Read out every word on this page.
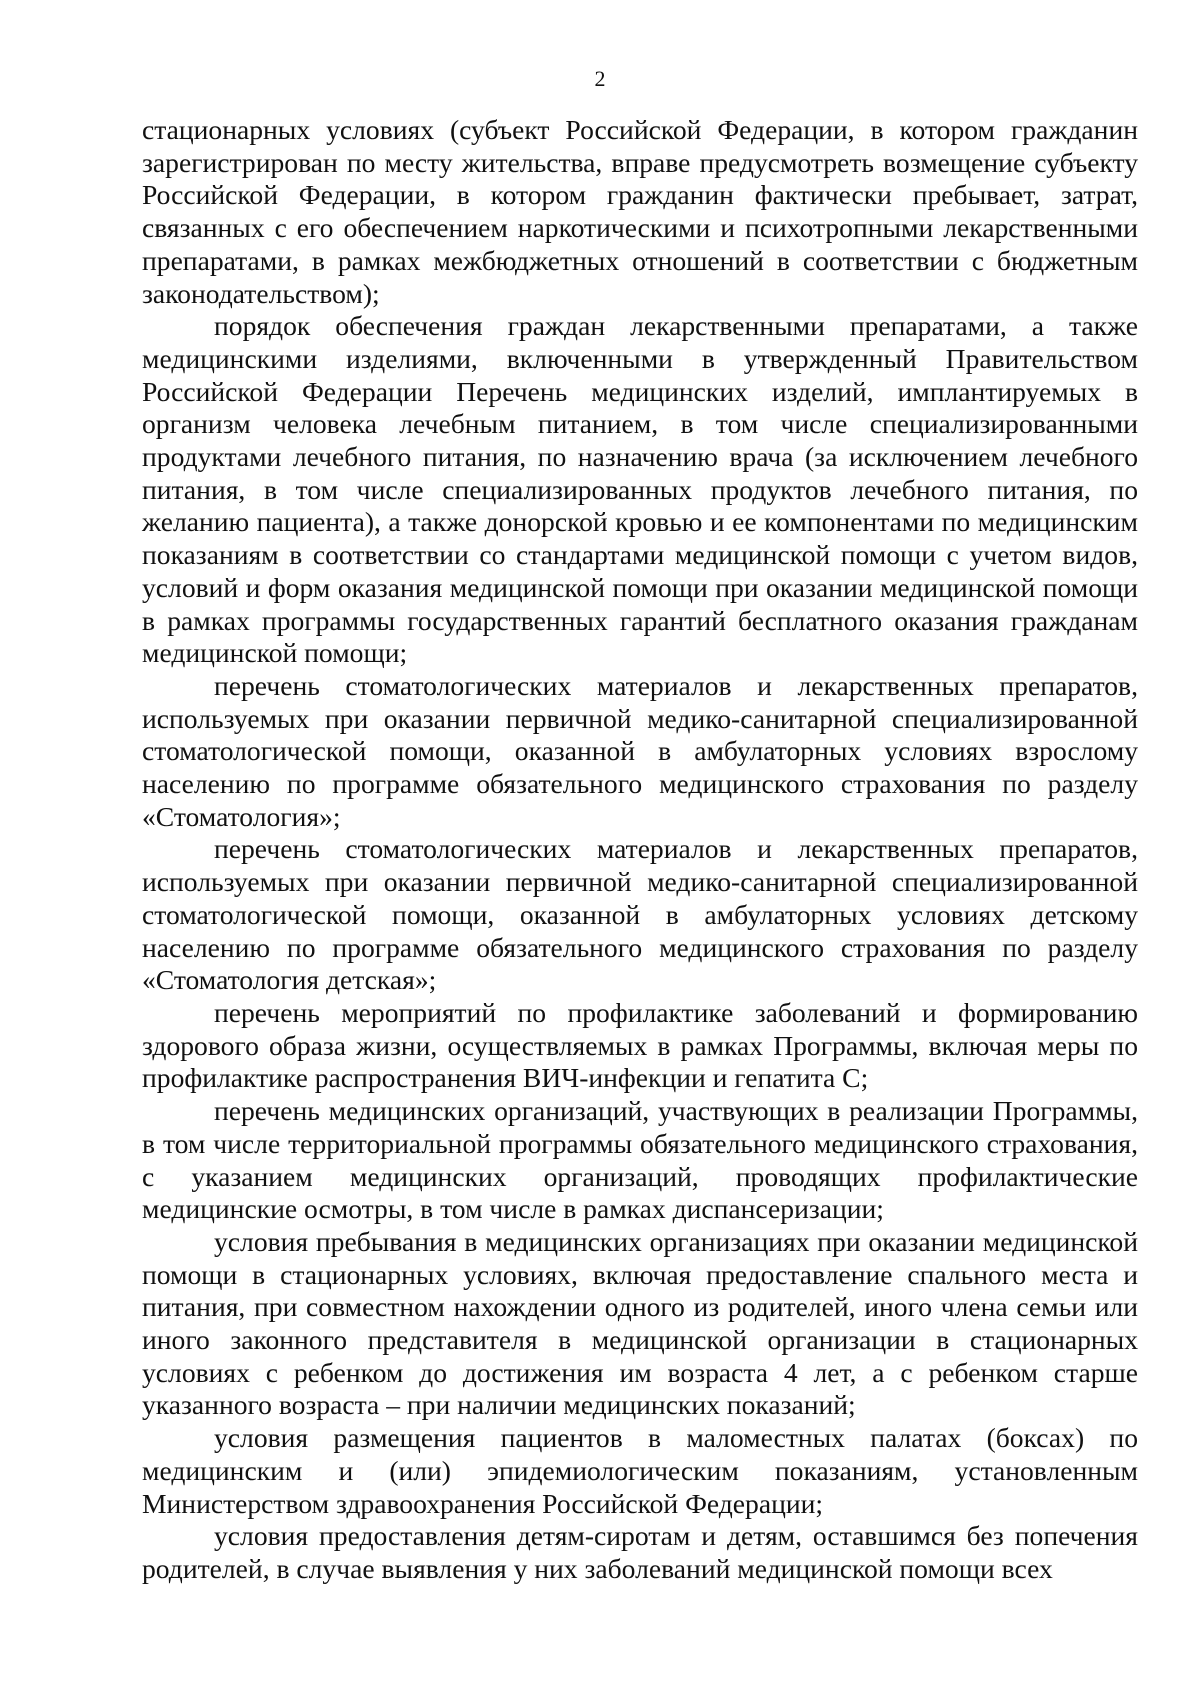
2

стационарных условиях (субъект Российской Федерации, в котором гражданин зарегистрирован по месту жительства, вправе предусмотреть возмещение субъекту Российской Федерации, в котором гражданин фактически пребывает, затрат, связанных с его обеспечением наркотическими и психотропными лекарственными препаратами, в рамках межбюджетных отношений в соответствии с бюджетным законодательством);

порядок обеспечения граждан лекарственными препаратами, а также медицинскими изделиями, включенными в утвержденный Правительством Российской Федерации Перечень медицинских изделий, имплантируемых в организм человека лечебным питанием, в том числе специализированными продуктами лечебного питания, по назначению врача (за исключением лечебного питания, в том числе специализированных продуктов лечебного питания, по желанию пациента), а также донорской кровью и ее компонентами по медицинским показаниям в соответствии со стандартами медицинской помощи с учетом видов, условий и форм оказания медицинской помощи при оказании медицинской помощи в рамках программы государственных гарантий бесплатного оказания гражданам медицинской помощи;

перечень стоматологических материалов и лекарственных препаратов, используемых при оказании первичной медико-санитарной специализированной стоматологической помощи, оказанной в амбулаторных условиях взрослому населению по программе обязательного медицинского страхования по разделу «Стоматология»;

перечень стоматологических материалов и лекарственных препаратов, используемых при оказании первичной медико-санитарной специализированной стоматологической помощи, оказанной в амбулаторных условиях детскому населению по программе обязательного медицинского страхования по разделу «Стоматология детская»;

перечень мероприятий по профилактике заболеваний и формированию здорового образа жизни, осуществляемых в рамках Программы, включая меры по профилактике распространения ВИЧ-инфекции и гепатита С;

перечень медицинских организаций, участвующих в реализации Программы, в том числе территориальной программы обязательного медицинского страхования, с указанием медицинских организаций, проводящих профилактические медицинские осмотры, в том числе в рамках диспансеризации;

условия пребывания в медицинских организациях при оказании медицинской помощи в стационарных условиях, включая предоставление спального места и питания, при совместном нахождении одного из родителей, иного члена семьи или иного законного представителя в медицинской организации в стационарных условиях с ребенком до достижения им возраста 4 лет, а с ребенком старше указанного возраста – при наличии медицинских показаний;

условия размещения пациентов в маломестных палатах (боксах) по медицинским и (или) эпидемиологическим показаниям, установленным Министерством здравоохранения Российской Федерации;

условия предоставления детям-сиротам и детям, оставшимся без попечения родителей, в случае выявления у них заболеваний медицинской помощи всех
